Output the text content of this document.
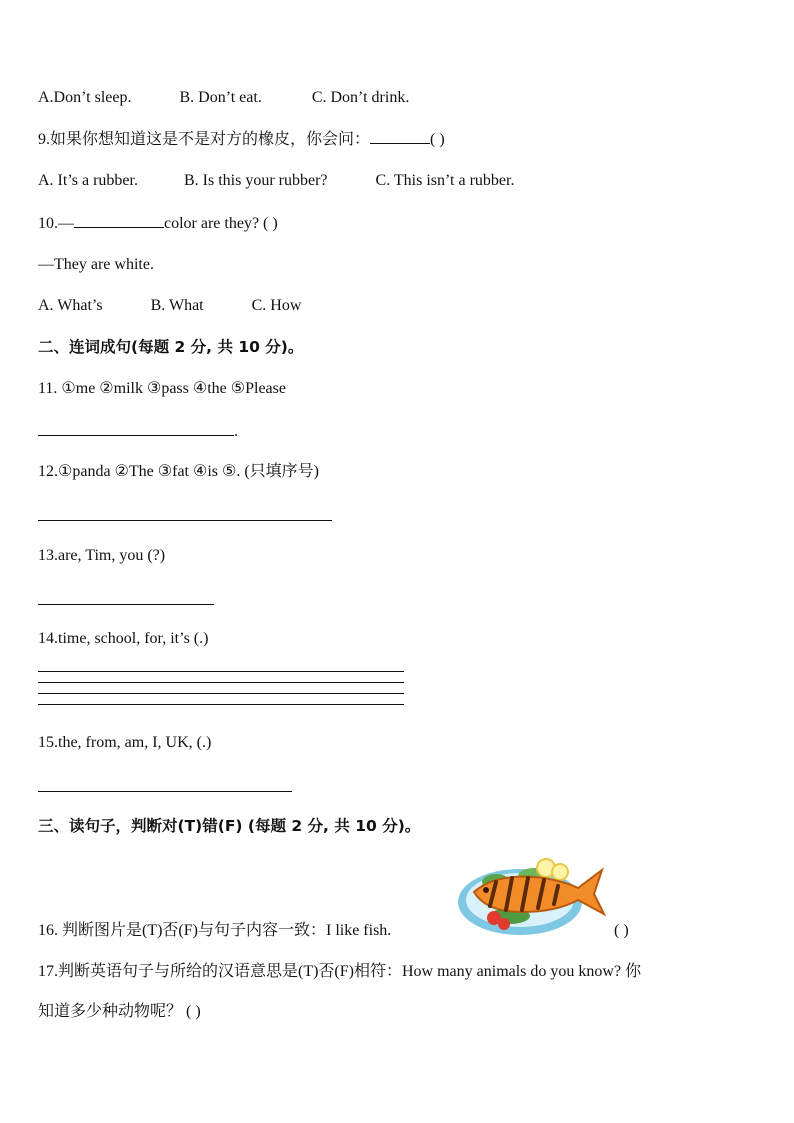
A.Don’t sleep.	B. Don’t eat.	C. Don’t drink.
9.如果你想知道这是不是对方的橡皮，你会问：	( )
A. It’s a rubber.	B. Is this your rubber?	C. This isn’t a rubber.
10.—	color are they? ( )
—They are white.
A. What’s	B. What	C. How
二、连词成句(每题 2 分, 共 10 分)。
11. ①me ②milk ③pass ④the ⑤Please
.
12.①panda ②The ③fat ④is ⑤. (只填序号)
13.are, Tim, you (?)
14.time, school, for, it’s (.)
15.the, from, am, I, UK, (.)
三、读句子，判断对(T)错(F) (每题 2 分, 共 10 分)。
16. 判断图片是(T)否(F)与句子内容一致：I like fish.	( )
17.判断英语句子与所给的汉语意思是(T)否(F)相符：How many animals do you know? 你
知道多少种动物呢？ ( )
